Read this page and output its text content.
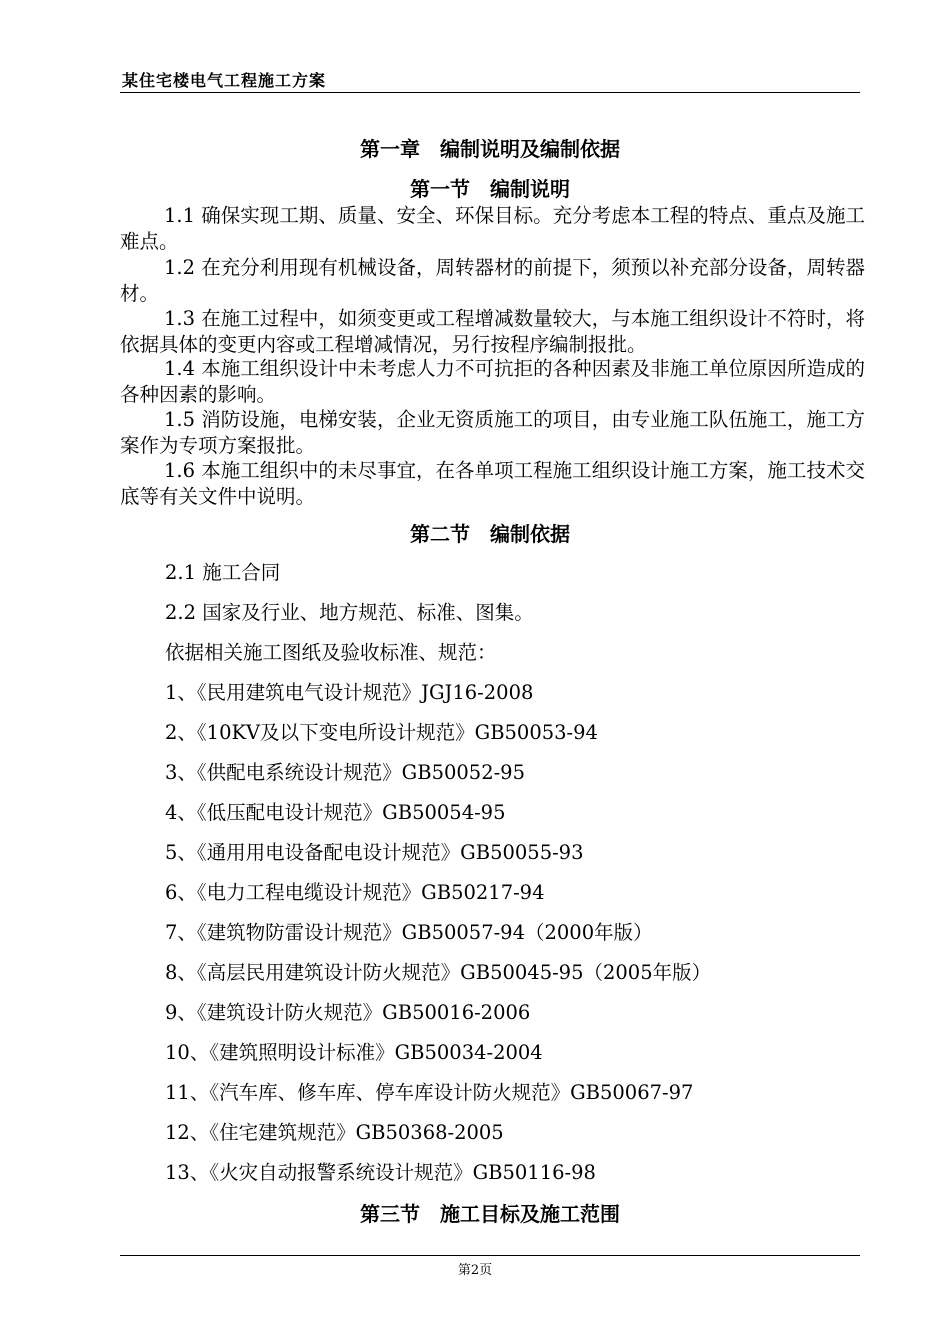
某住宅楼电气工程施工方案
第一章　编制说明及编制依据
第一节　编制说明
1.1 确保实现工期、质量、安全、环保目标。充分考虑本工程的特点、重点及施工难点。
1.2 在充分利用现有机械设备，周转器材的前提下，须预以补充部分设备，周转器材。
1.3 在施工过程中，如须变更或工程增减数量较大，与本施工组织设计不符时，将依据具体的变更内容或工程增减情况，另行按程序编制报批。
1.4 本施工组织设计中未考虑人力不可抗拒的各种因素及非施工单位原因所造成的各种因素的影响。
1.5 消防设施，电梯安装，企业无资质施工的项目，由专业施工队伍施工，施工方案作为专项方案报批。
1.6 本施工组织中的未尽事宜，在各单项工程施工组织设计施工方案，施工技术交底等有关文件中说明。
第二节　编制依据
2.1 施工合同
2.2 国家及行业、地方规范、标准、图集。
依据相关施工图纸及验收标准、规范：
1、《民用建筑电气设计规范》JGJ16-2008
2、《10KV及以下变电所设计规范》GB50053-94
3、《供配电系统设计规范》GB50052-95
4、《低压配电设计规范》GB50054-95
5、《通用用电设备配电设计规范》GB50055-93
6、《电力工程电缆设计规范》GB50217-94
7、《建筑物防雷设计规范》GB50057-94（2000年版）
8、《高层民用建筑设计防火规范》GB50045-95（2005年版）
9、《建筑设计防火规范》GB50016-2006
10、《建筑照明设计标准》GB50034-2004
11、《汽车库、修车库、停车库设计防火规范》GB50067-97
12、《住宅建筑规范》GB50368-2005
13、《火灾自动报警系统设计规范》GB50116-98
第三节　施工目标及施工范围
第2页
